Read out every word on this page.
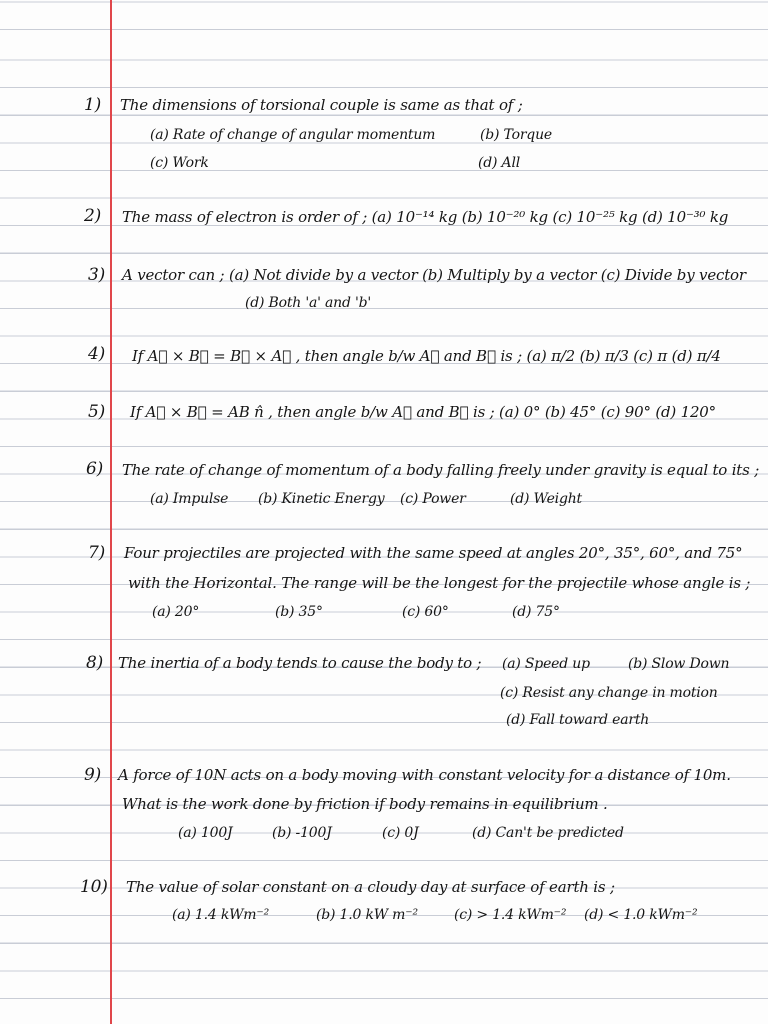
1) The dimensions of torsional couple is same as that of ;
(a) Rate of change of angular momentum	(b) Torque
(c) Work	(d) All
2) The mass of electron is order of ; (a) 10⁻¹⁴ kg (b) 10⁻²⁰ kg (c) 10⁻²⁵ kg (d) 10⁻³⁰ kg
3) A vector can ; (a) Not divide by a vector (b) Multiply by a vector (c) Divide by vector
(d) Both 'a' and 'b'
4) If A⃗ × B⃗ = B⃗ × A⃗ , then angle b/w A⃗ and B⃗ is ; (a) π/2 (b) π/3 (c) π (d) π/4
5) If A⃗ × B⃗ = AB n̂ , then angle b/w A⃗ and B⃗ is ; (a) 0° (b) 45° (c) 90° (d) 120°
6) The rate of change of momentum of a body falling freely under gravity is equal to its ;
(a) Impulse (b) Kinetic Energy (c) Power	(d) Weight
7) Four projectiles are projected with the same speed at angles 20°, 35°, 60°, and 75°
with the Horizontal. The range will be the longest for the projectile whose angle is ;
(a) 20°	(b) 35°	(c) 60°	(d) 75°
8) The inertia of a body tends to cause the body to ; (a) Speed up	(b) Slow Down
(c) Resist any change in motion
(d) Fall toward earth
9) A force of 10N acts on a body moving with constant velocity for a distance of 10m.
What is the work done by friction if body remains in equilibrium .
(a) 100J	(b) -100J	(c) 0J	(d) Can't be predicted
10) The value of solar constant on a cloudy day at surface of earth is ;
(a) 1.4 kWm⁻²	(b) 1.0 kW m⁻²	(c) > 1.4 kWm⁻² (d) < 1.0 kWm⁻²
